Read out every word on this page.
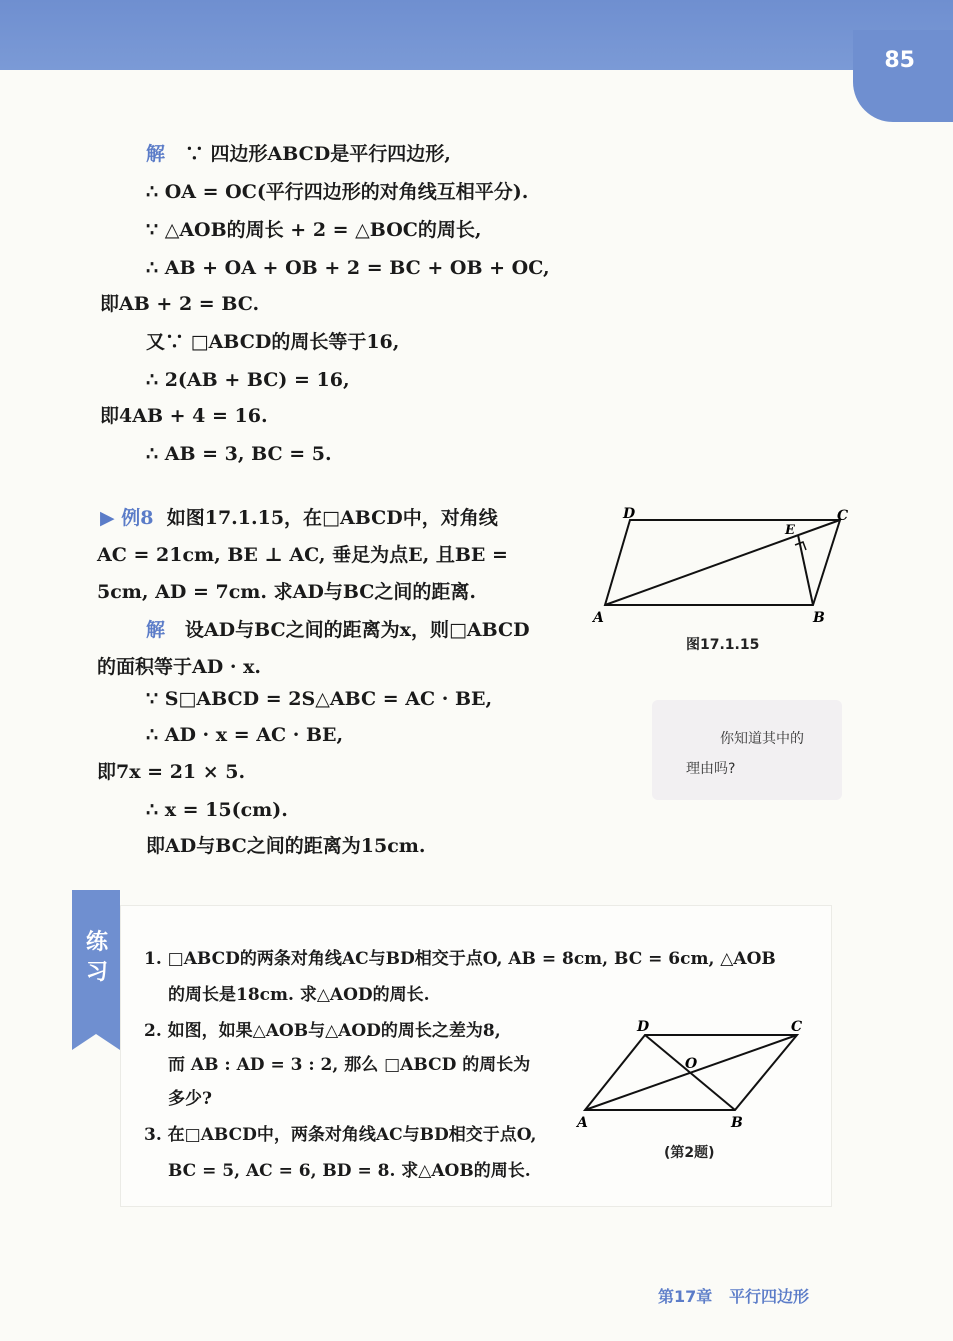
85
解 ∵ 四边形ABCD是平行四边形,
∴ OA = OC(平行四边形的对角线互相平分).
∵ △AOB的周长 + 2 = △BOC的周长,
∴ AB + OA + OB + 2 = BC + OB + OC,
即AB + 2 = BC.
又∵ □ABCD的周长等于16,
∴ 2(AB + BC) = 16,
即4AB + 4 = 16.
∴ AB = 3, BC = 5.
▶ 例8 如图17.1.15，在□ABCD中，对角线
AC = 21cm, BE ⊥ AC, 垂足为点E, 且BE =
5cm, AD = 7cm. 求AD与BC之间的距离.
解 设AD与BC之间的距离为x，则□ABCD
的面积等于AD · x.
∵ S□ABCD = 2S△ABC = AC · BE,
∴ AD · x = AC · BE,
即7x = 21 × 5.
∴ x = 15(cm).
即AD与BC之间的距离为15cm.
A	B
C
D
E
图17.1.15
你知道其中的
理由吗?
练
习
1. □ABCD的两条对角线AC与BD相交于点O, AB = 8cm, BC = 6cm, △AOB
的周长是18cm. 求△AOD的周长.
2. 如图，如果△AOB与△AOD的周长之差为8,
而 AB : AD = 3 : 2, 那么 □ABCD 的周长为
多少?
3. 在□ABCD中，两条对角线AC与BD相交于点O,
BC = 5, AC = 6, BD = 8. 求△AOB的周长.
A	B
C
D
O
(第2题)
第17章 平行四边形
